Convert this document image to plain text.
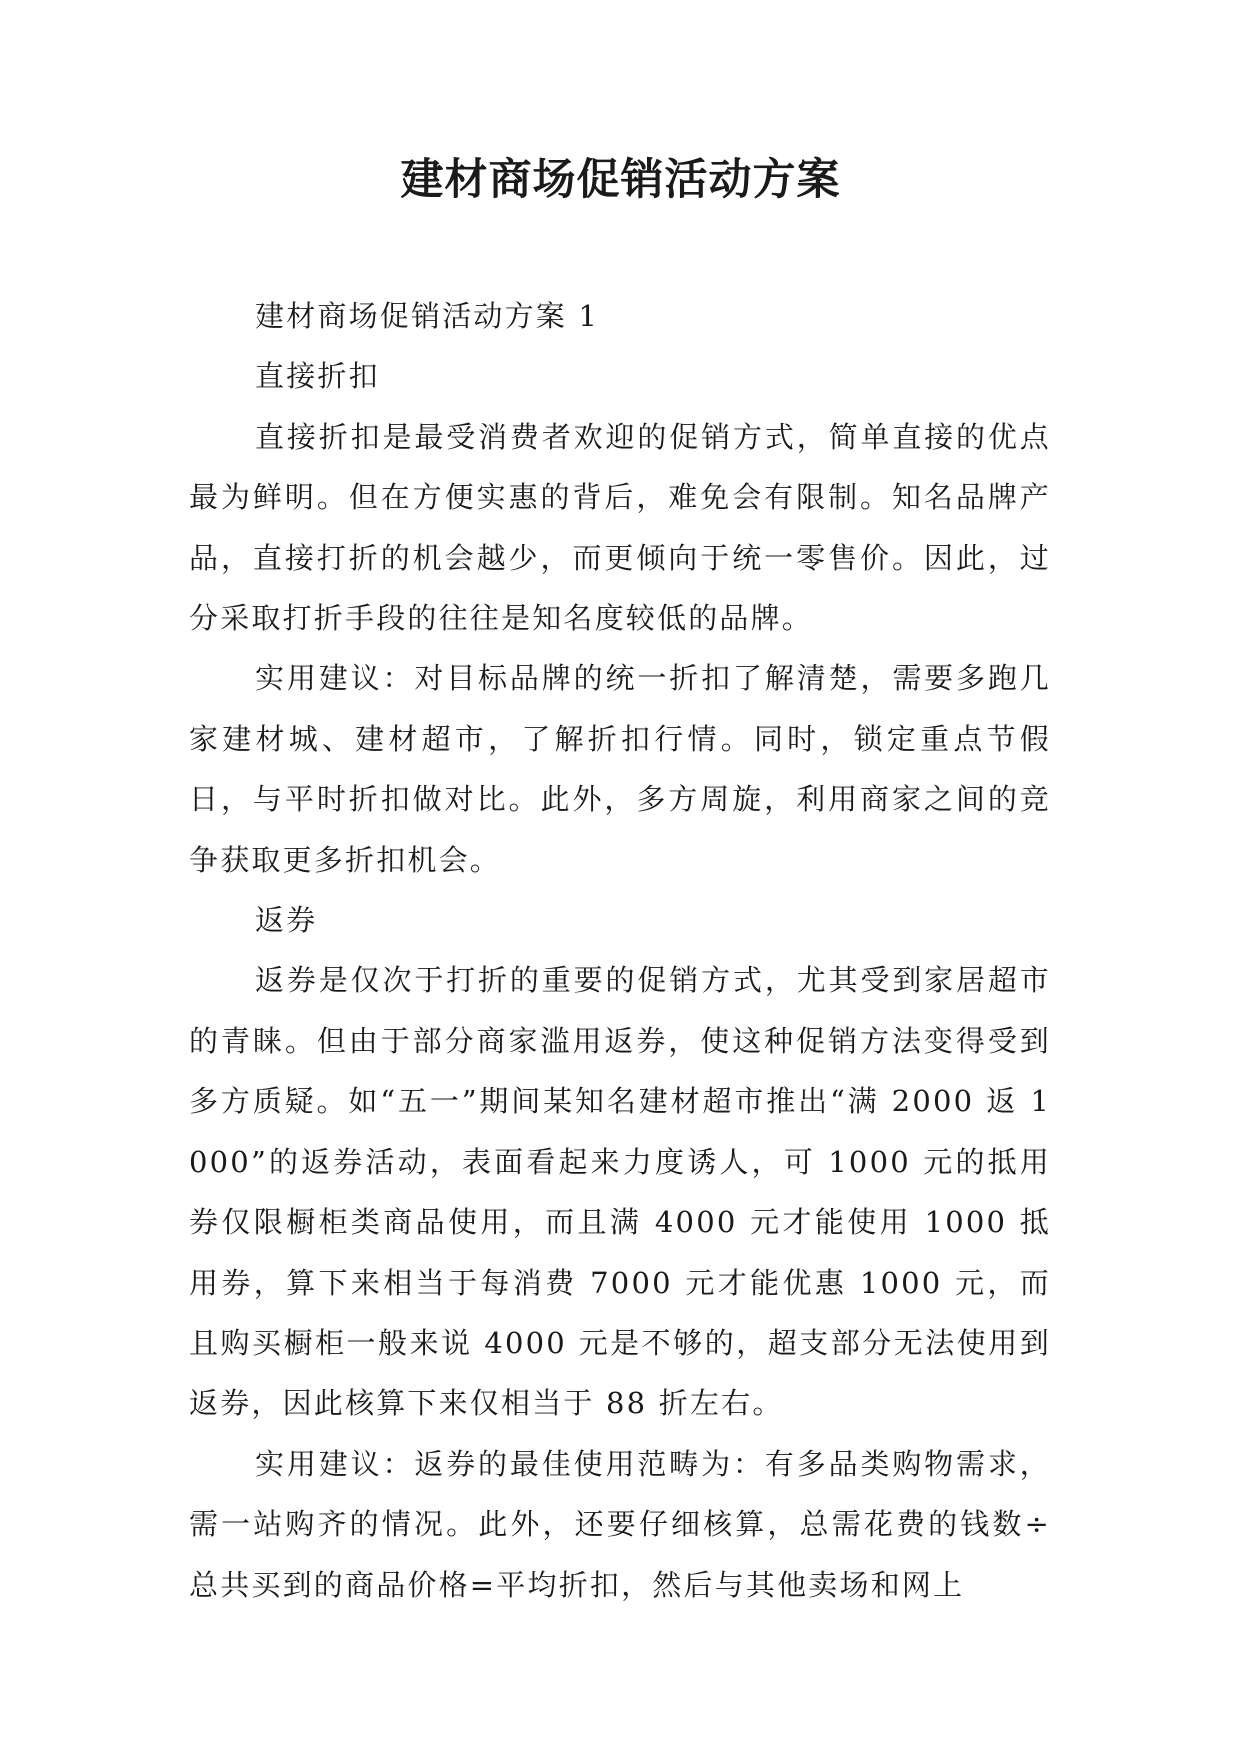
建材商场促销活动方案

建材商场促销活动方案 1

直接折扣

直接折扣是最受消费者欢迎的促销方式，简单直接的优点最为鲜明。但在方便实惠的背后，难免会有限制。知名品牌产品，直接打折的机会越少，而更倾向于统一零售价。因此，过分采取打折手段的往往是知名度较低的品牌。

实用建议：对目标品牌的统一折扣了解清楚，需要多跑几家建材城、建材超市，了解折扣行情。同时，锁定重点节假日，与平时折扣做对比。此外，多方周旋，利用商家之间的竞争获取更多折扣机会。

返券

返券是仅次于打折的重要的促销方式，尤其受到家居超市的青睐。但由于部分商家滥用返券，使这种促销方法变得受到多方质疑。如“五一”期间某知名建材超市推出“满 2000 返 1000”的返券活动，表面看起来力度诱人，可 1000 元的抵用券仅限橱柜类商品使用，而且满 4000 元才能使用 1000 抵用券，算下来相当于每消费 7000 元才能优惠 1000 元，而且购买橱柜一般来说 4000 元是不够的，超支部分无法使用到返券，因此核算下来仅相当于 88 折左右。

实用建议：返券的最佳使用范畴为：有多品类购物需求，需一站购齐的情况。此外，还要仔细核算，总需花费的钱数÷总共买到的商品价格=平均折扣，然后与其他卖场和网上
